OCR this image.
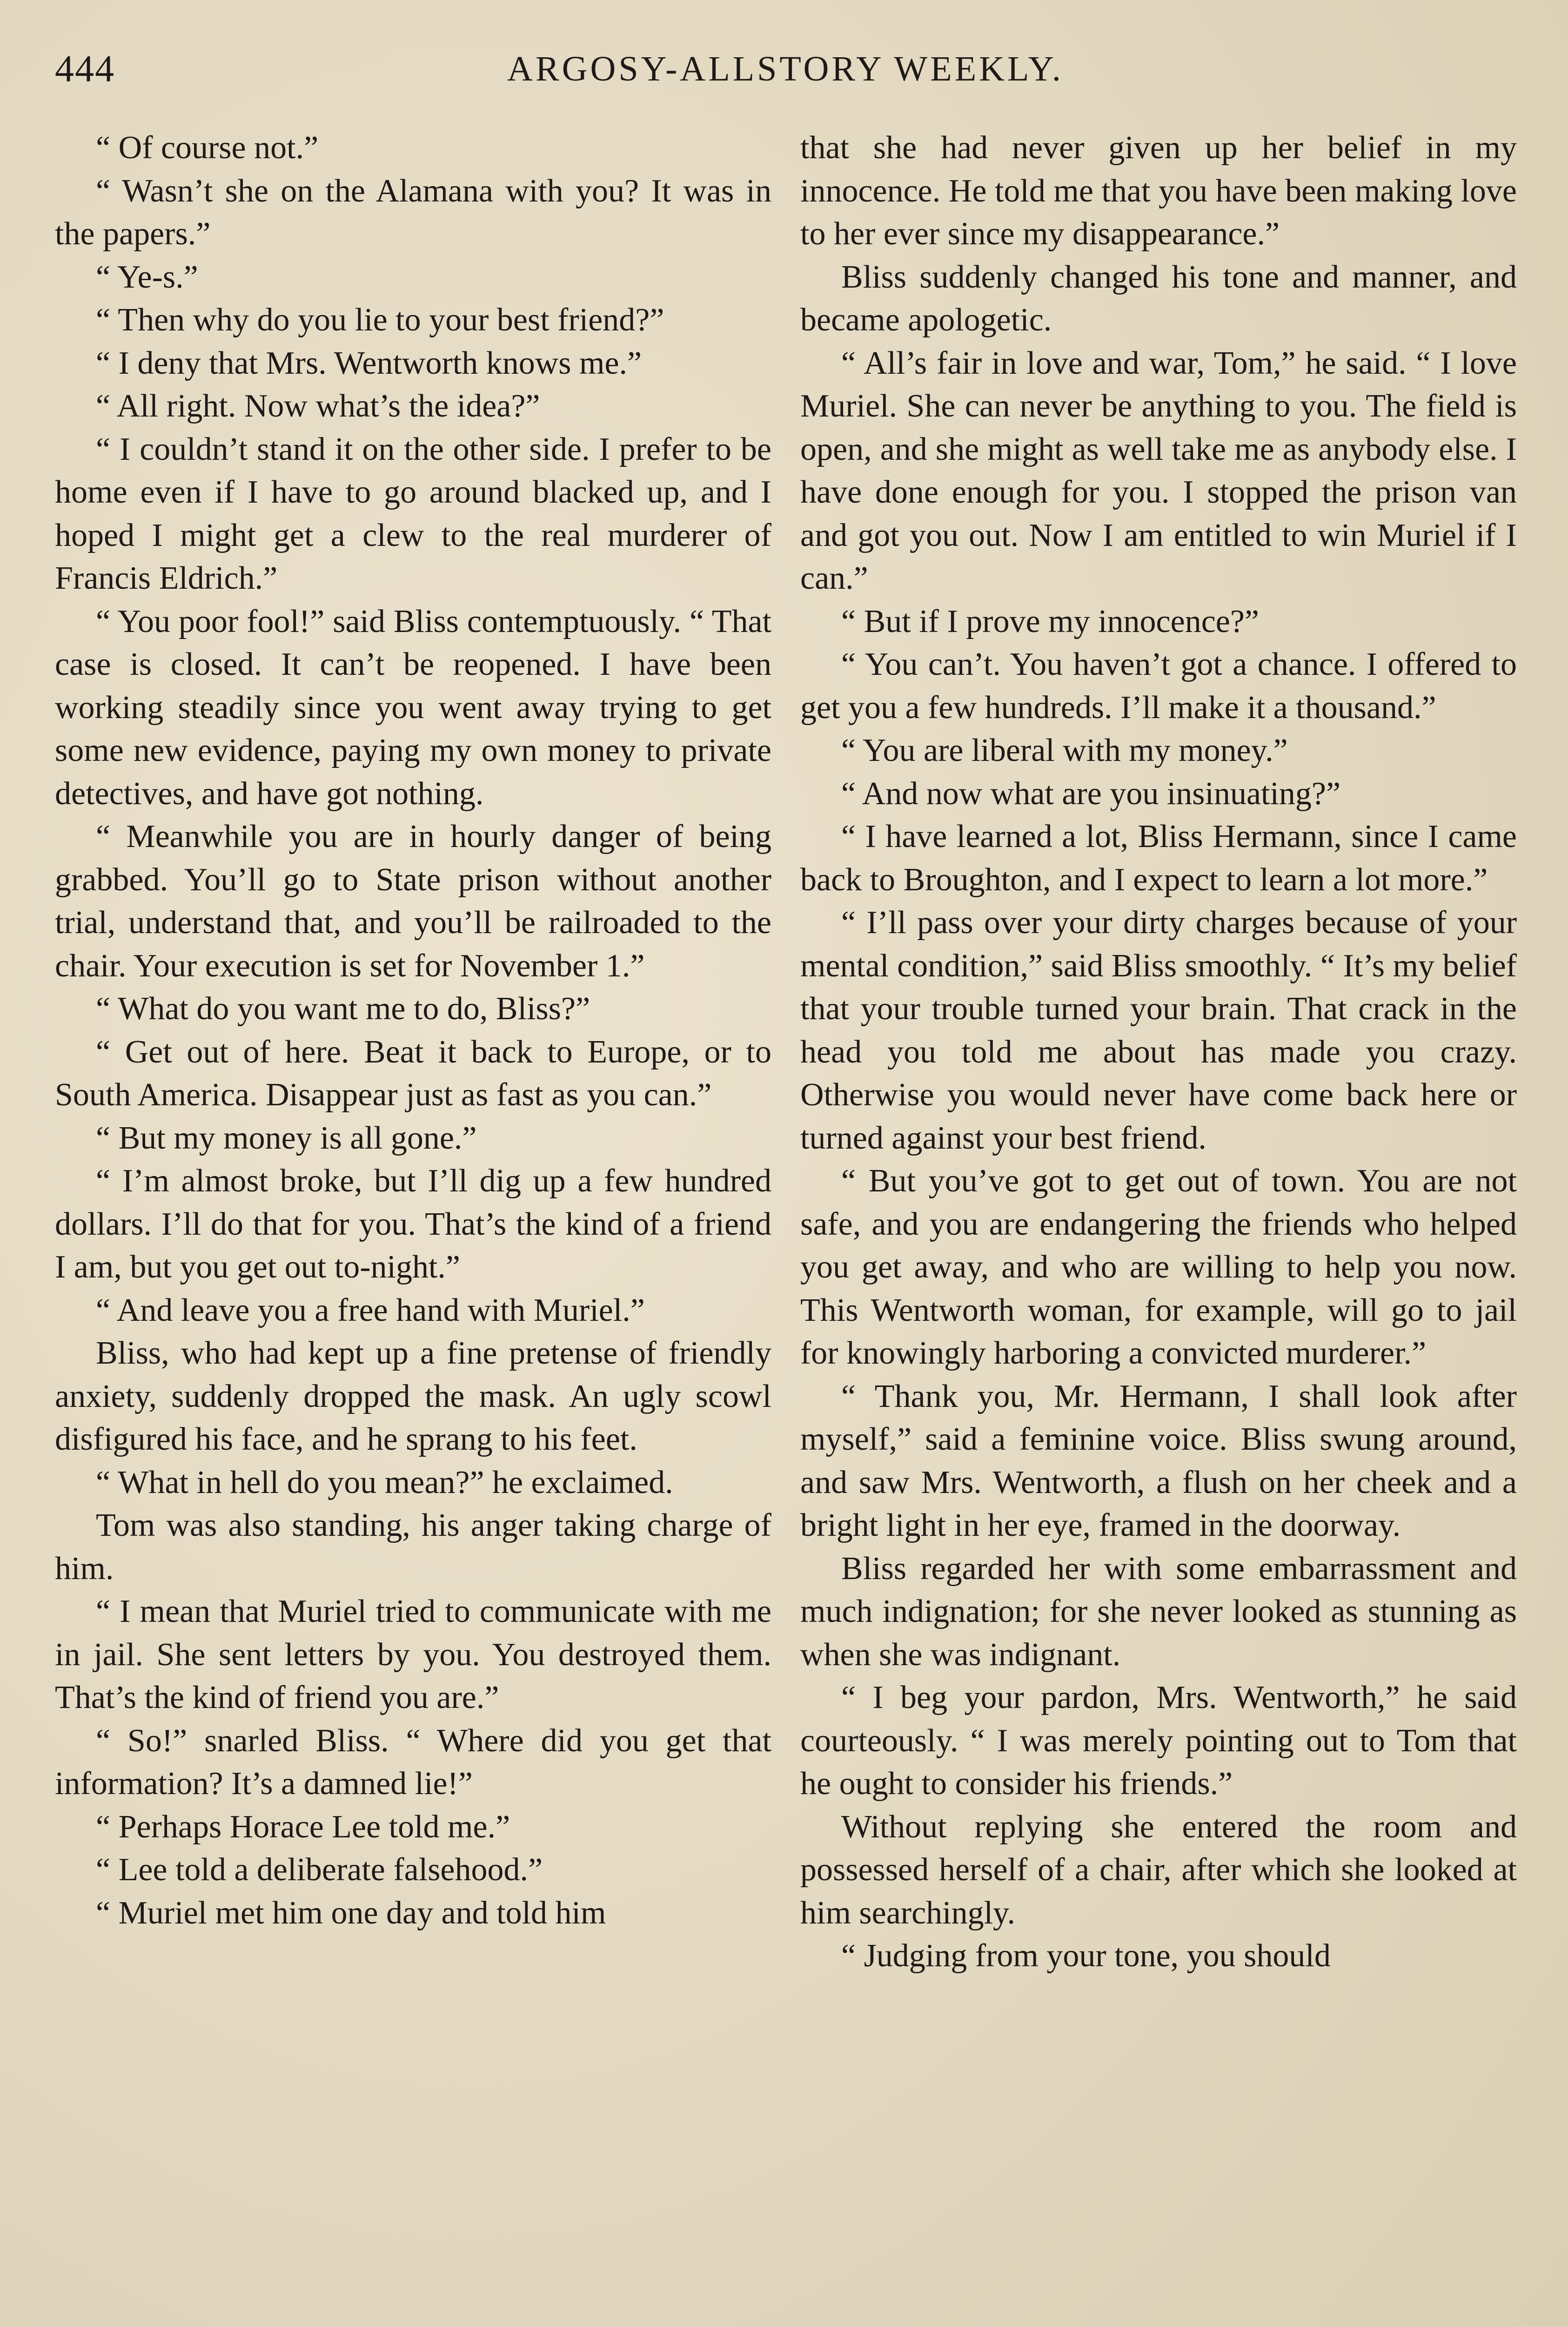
444	ARGOSY-ALLSTORY WEEKLY.

“ Of course not.”

“ Wasn’t she on the Alamana with you? It was in the papers.”

“ Ye-s.”

“ Then why do you lie to your best friend?”

“ I deny that Mrs. Wentworth knows me.”

“ All right. Now what’s the idea?”

“ I couldn’t stand it on the other side. I prefer to be home even if I have to go around blacked up, and I hoped I might get a clew to the real murderer of Francis Eldrich.”

“ You poor fool!” said Bliss contemptuously. “ That case is closed. It can’t be reopened. I have been working steadily since you went away trying to get some new evidence, paying my own money to private detectives, and have got nothing.

“ Meanwhile you are in hourly danger of being grabbed. You’ll go to State prison without another trial, understand that, and you’ll be railroaded to the chair. Your execution is set for November 1.”

“ What do you want me to do, Bliss?”

“ Get out of here. Beat it back to Europe, or to South America. Disappear just as fast as you can.”

“ But my money is all gone.”

“ I’m almost broke, but I’ll dig up a few hundred dollars. I’ll do that for you. That’s the kind of a friend I am, but you get out to-night.”

“ And leave you a free hand with Muriel.”

Bliss, who had kept up a fine pretense of friendly anxiety, suddenly dropped the mask. An ugly scowl disfigured his face, and he sprang to his feet.

“ What in hell do you mean?” he exclaimed.

Tom was also standing, his anger taking charge of him.

“ I mean that Muriel tried to communicate with me in jail. She sent letters by you. You destroyed them. That’s the kind of friend you are.”

“ So!” snarled Bliss. “ Where did you get that information? It’s a damned lie!”

“ Perhaps Horace Lee told me.”

“ Lee told a deliberate falsehood.”

“ Muriel met him one day and told him

that she had never given up her belief in my innocence. He told me that you have been making love to her ever since my disappearance.”

Bliss suddenly changed his tone and manner, and became apologetic.

“ All’s fair in love and war, Tom,” he said. “ I love Muriel. She can never be anything to you. The field is open, and she might as well take me as anybody else. I have done enough for you. I stopped the prison van and got you out. Now I am entitled to win Muriel if I can.”

“ But if I prove my innocence?”

“ You can’t. You haven’t got a chance. I offered to get you a few hundreds. I’ll make it a thousand.”

“ You are liberal with my money.”

“ And now what are you insinuating?”

“ I have learned a lot, Bliss Hermann, since I came back to Broughton, and I expect to learn a lot more.”

“ I’ll pass over your dirty charges because of your mental condition,” said Bliss smoothly. “ It’s my belief that your trouble turned your brain. That crack in the head you told me about has made you crazy. Otherwise you would never have come back here or turned against your best friend.

“ But you’ve got to get out of town. You are not safe, and you are endangering the friends who helped you get away, and who are willing to help you now. This Wentworth woman, for example, will go to jail for knowingly harboring a convicted murderer.”

“ Thank you, Mr. Hermann, I shall look after myself,” said a feminine voice. Bliss swung around, and saw Mrs. Wentworth, a flush on her cheek and a bright light in her eye, framed in the doorway.

Bliss regarded her with some embarrassment and much indignation; for she never looked as stunning as when she was indignant.

“ I beg your pardon, Mrs. Wentworth,” he said courteously. “ I was merely pointing out to Tom that he ought to consider his friends.”

Without replying she entered the room and possessed herself of a chair, after which she looked at him searchingly.

“ Judging from your tone, you should
